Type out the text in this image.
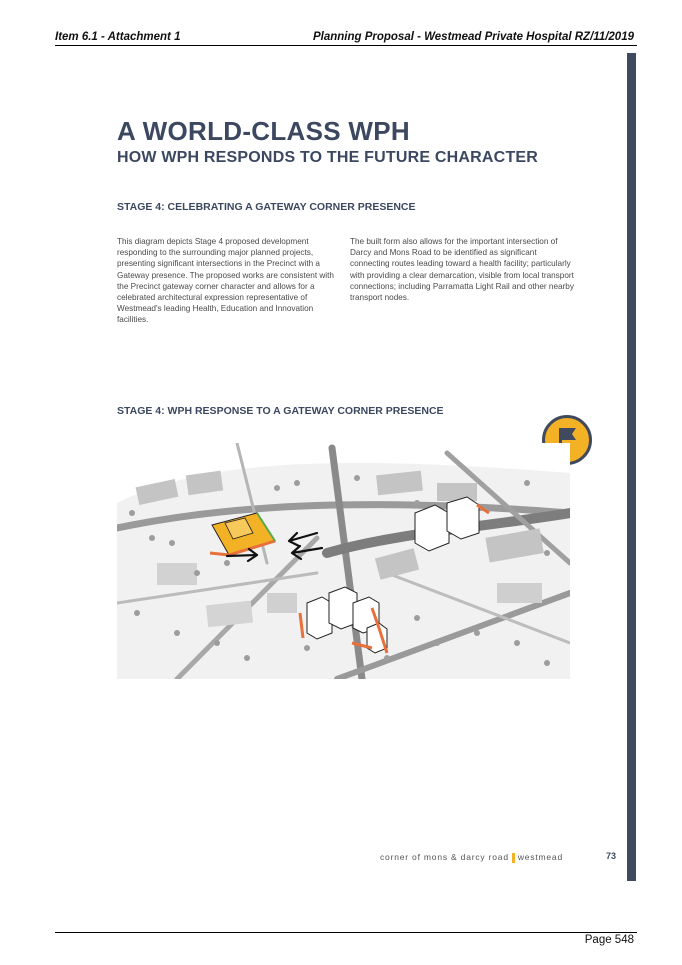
Item 6.1 - Attachment 1	Planning Proposal - Westmead Private Hospital RZ/11/2019
A WORLD-CLASS WPH
HOW WPH RESPONDS TO THE FUTURE CHARACTER
STAGE 4: CELEBRATING A GATEWAY CORNER PRESENCE
This diagram depicts Stage 4 proposed development responding to the surrounding major planned projects, presenting significant intersections in the Precinct with a Gateway presence. The proposed works are consistent with the Precinct gateway corner character and allows for a celebrated architectural expression representative of Westmead's leading Health, Education and Innovation facilities.
The built form also allows for the important intersection of Darcy and Mons Road to be identified as significant connecting routes leading toward a health facility; particularly with providing a clear demarcation, visible from local transport connections; including Parramatta Light Rail and other nearby transport nodes.
STAGE 4: WPH RESPONSE TO A GATEWAY CORNER PRESENCE
corner of mons & darcy road westmead	73
Page 548
